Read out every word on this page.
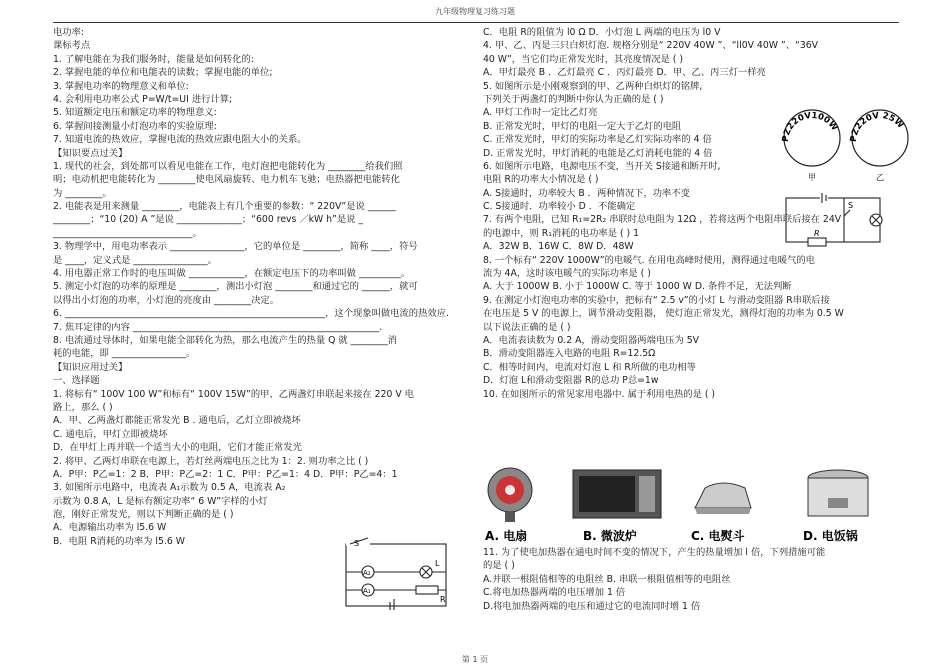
九年级物理复习练习题
电功率:
课标考点
1. 了解电能在为我们服务时，能量是如何转化的:
2. 掌握电能的单位和电能表的读数；掌握电能的单位;
3. 掌握电功率的物理意义和单位:
4. 会利用电功率公式 P=W/t=UI 进行计算;
5. 知道额定电压和额定功率的物理意义:
6. 掌握间接测量小灯泡功率的实验原理:
7. 知道电流的热效应，掌握电流的热效应跟电阻大小的关系。
【知识要点过关】
1. 现代的社会，到处都可以看见电能在工作，电灯泡把电能转化为 ________给我们照
明；电动机把电能转化为 ________使电风扇旋转、电力机车飞驰；电热器把电能转化
为 ________。
2. 电能表是用来测量 ________，电能表上有几个重要的参数：“ 220V”是说 ______
________；“10 (20) A ”是说 ______________；“600 revs ／kW h”是说 _
______________________________。
3. 物理学中，用电功率表示 ________________，它的单位是 ________，简称 ____，符号
是 ____，定义式是 ________________。
4. 用电器正常工作时的电压叫做 ____________，在额定电压下的功率叫做 _________。
5. 测定小灯泡的功率的原理是 ________，测出小灯泡 ________和通过它的 ______，就可
以得出小灯泡的功率，小灯泡的亮度由 ________决定。
6. ________________________________________________________，这个现象叫做电流的热效应.
7. 焦耳定律的内容 _____________________________________________________.
8. 电流通过导体时，如果电能全部转化为热，那么电流产生的热量 Q 就 ________消
耗的电能，即 ________________。
【知识应用过关】
一、选择题
1. 将标有“ 100V 100 W”和标有“ 100V 15W”的甲、乙两盏灯串联起来接在 220 V 电
路上，那么 ( )
A．甲、乙两盏灯都能正常发光 B . 通电后，乙灯立即被烧坏
C. 通电后，甲灯立即被烧坏
D．在甲灯上再并联一个适当大小的电阻，它们才能正常发光
2. 将甲、乙两灯串联在电源上，若灯丝两端电压之比为 1：2. 则功率之比 ( )
A．P甲：P乙=1：2 B．P甲：P乙=2：1 C．P甲：P乙=1：4 D．P甲：P乙=4：1
3. 如图所示电路中，电流表 A₁示数为 0.5 A，电流表 A₂
示数为 0.8 A，L 是标有额定功率“ 6 W”字样的小灯
泡，刚好正常发光，则以下判断正确的是 ( )
A．电源输出功率为 l5.6 W
B．电阻 R消耗的功率为 l5.6 W
C．电阻 R的阻值为 l0 Ω D．小灯泡 L 两端的电压为 l0 V
4. 甲、乙、丙是三只白炽灯泡. 规格分别是“ 220V 40W ”、“ll0V 40W ”、“36V
40 W”，当它们均正常发光时，其亮度情况是 ( )
A．甲灯最亮 B ．乙灯最亮 C ．丙灯最亮 D．甲、乙、丙三灯一样亮
5. 如图所示是小刚观察到的甲、乙两种白炽灯的铭牌,
下列关于两盏灯的判断中你认为正确的是 ( )
A. 甲灯工作时一定比乙灯亮
B. 正常发光时，甲灯的电阻一定大于乙灯的电阻
C. 正常发光时，甲灯的实际功率是乙灯实际功率的 4 倍
D. 正常发光时，甲灯消耗的电能是乙灯消耗电能的 4 倍
6. 如图所示电路，电源电压不变，当开关 S接通和断开时,
电阻 R的功率大小情况是 ( )
A. S接通时，功率较大 B ．两种情况下，功率不变
C. S接通时．功率较小 D ．不能确定
7. 有两个电阻，已知 R₁=2R₂ 串联时总电阻为 12Ω ，若将这两个电阻串联后接在 24V
的电源中，则 R₁消耗的电功率是 ( ) 1
A．32W B．16W C．8W D．48W
8. 一个标有“ 220V 1000W”的电暖气. 在用电高峰时使用，测得通过电暖气的电
流为 4A，这时该电暖气的实际功率是 ( )
A. 大于 1000W B. 小于 1000W C. 等于 1000 W D. 条件不足，无法判断
9. 在测定小灯泡电功率的实验中，把标有“ 2.5 v”的小灯 L 与滑动变阻器 R串联后接
在电压是 5 V 的电源上，调节滑动变阻器， 使灯泡正常发光，测得灯泡的功率为 0.5 W
以下说法正确的是 ( )
A．电流表读数为 0.2 A，滑动变阻器两端电压为 5V
B．滑动变阻器连入电路的电阻 R=12.5Ω
C．相等时间内，电流对灯泡 L 和 R所做的电功相等
D．灯泡 L和滑动变阻器 R的总功 P总=1w
10. 在如图所示的常见家用电器中. 属于利用电热的是 ( )
11. 为了使电加热器在通电时间不变的情况下，产生的热量增加 l 倍，下列措施可能
的是 ( )
A.并联一根阻值相等的电阻丝 B. 串联一根阻值相等的电阻丝
C.将电加热器两端的电压增加 1 倍
D.将电加热器两端的电压和通过它的电流同时增 1 倍
S
A₂
A₁
L
R
PZ220V100W
PZ220V 25W
甲	乙
S
R
A. 电扇	B. 微波炉	C. 电熨斗	D. 电饭锅
第 1 页
